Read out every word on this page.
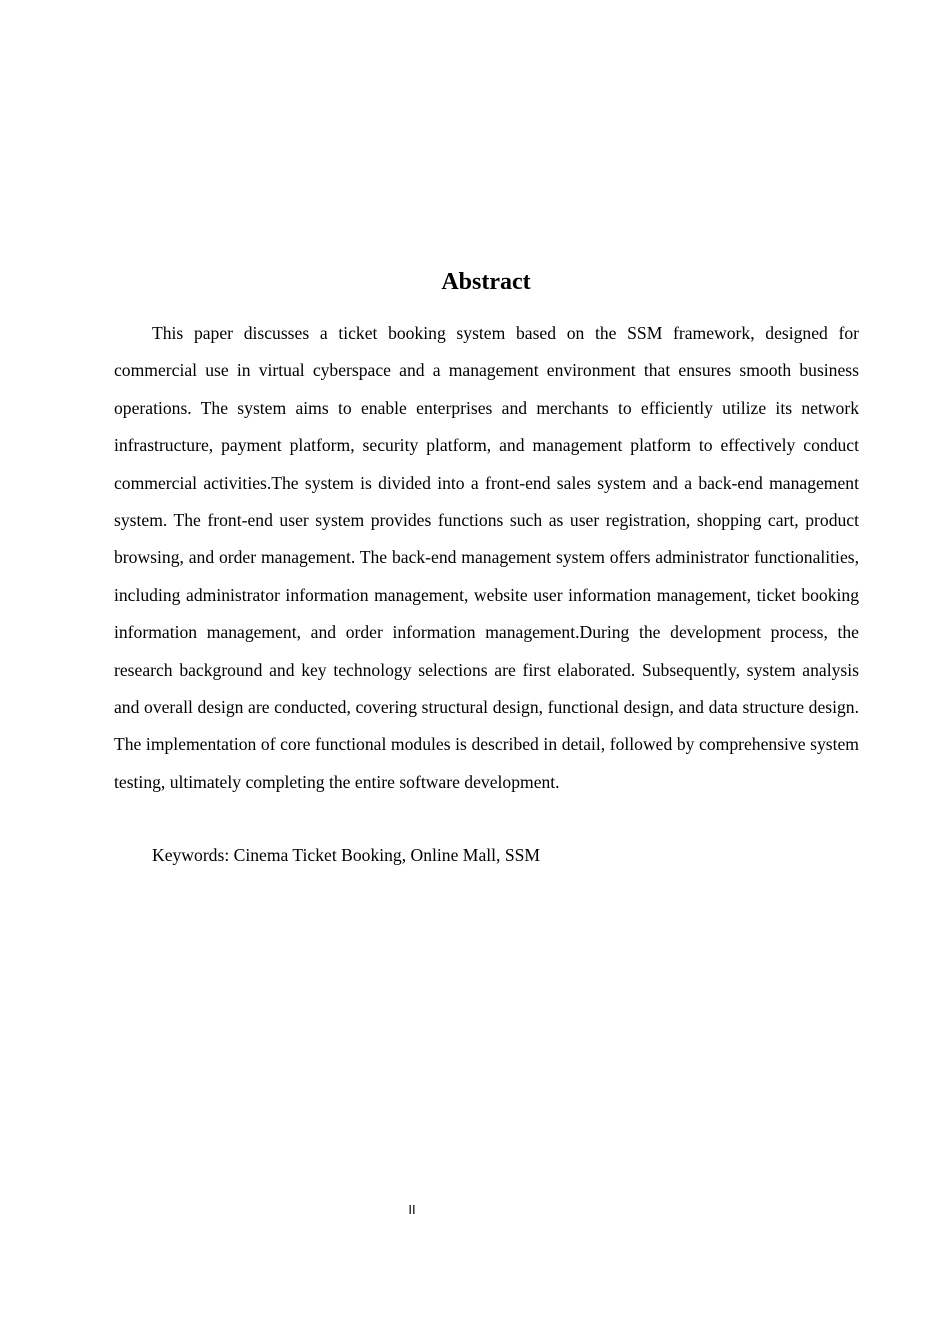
Abstract

This paper discusses a ticket booking system based on the SSM framework, designed for commercial use in virtual cyberspace and a management environment that ensures smooth business operations. The system aims to enable enterprises and merchants to efficiently utilize its network infrastructure, payment platform, security platform, and management platform to effectively conduct commercial activities.The system is divided into a front-end sales system and a back-end management system. The front-end user system provides functions such as user registration, shopping cart, product browsing, and order management. The back-end management system offers administrator functionalities, including administrator information management, website user information management, ticket booking information management, and order information management.During the development process, the research background and key technology selections are first elaborated. Subsequently, system analysis and overall design are conducted, covering structural design, functional design, and data structure design. The implementation of core functional modules is described in detail, followed by comprehensive system testing, ultimately completing the entire software development.

Keywords: Cinema Ticket Booking, Online Mall, SSM

II
